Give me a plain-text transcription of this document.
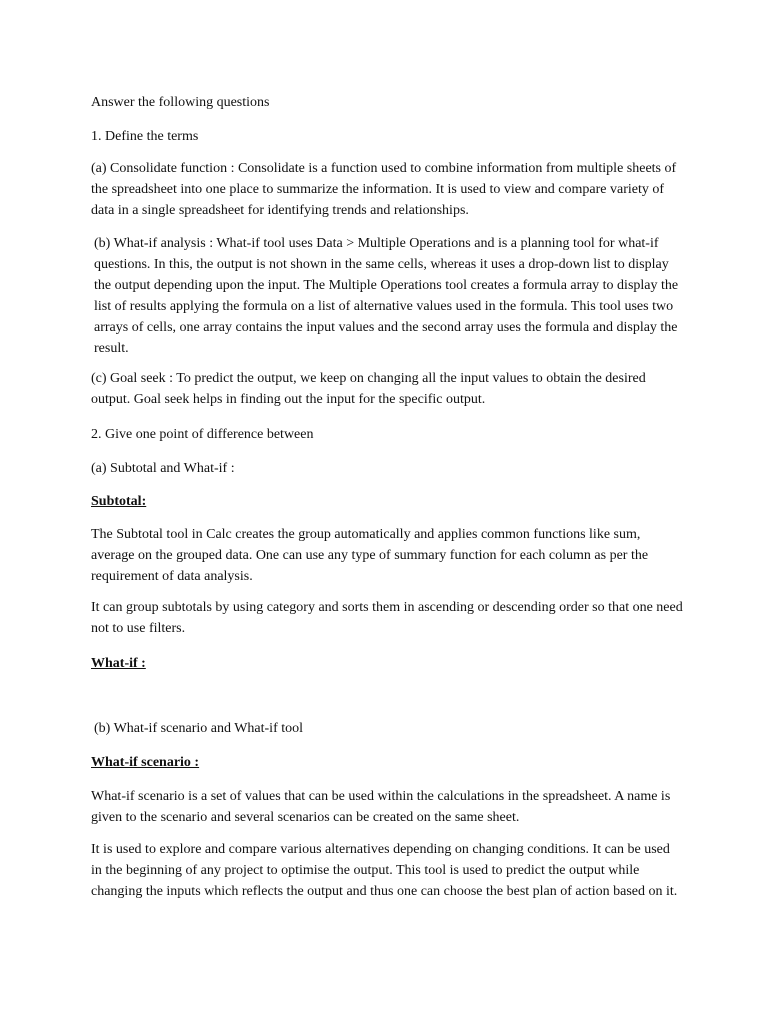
Answer the following questions

1. Define the terms

(a) Consolidate function : Consolidate is a function used to combine information from multiple sheets of the spreadsheet into one place to summarize the information. It is used to view and compare variety of data in a single spreadsheet for identifying trends and relationships.

(b) What-if analysis : What-if tool uses Data > Multiple Operations and is a planning tool for what-if questions. In this, the output is not shown in the same cells, whereas it uses a drop-down list to display the output depending upon the input. The Multiple Operations tool creates a formula array to display the list of results applying the formula on a list of alternative values used in the formula. This tool uses two arrays of cells, one array contains the input values and the second array uses the formula and display the result.

(c) Goal seek : To predict the output, we keep on changing all the input values to obtain the desired output. Goal seek helps in finding out the input for the specific output.

2. Give one point of difference between

(a) Subtotal and What-if :

Subtotal:

The Subtotal tool in Calc creates the group automatically and applies common functions like sum, average on the grouped data. One can use any type of summary function for each column as per the requirement of data analysis.

It can group subtotals by using category and sorts them in ascending or descending order so that one need not to use filters.

What-if :

(b) What-if scenario and What-if tool

What-if scenario :

What-if scenario is a set of values that can be used within the calculations in the spreadsheet. A name is given to the scenario and several scenarios can be created on the same sheet.

It is used to explore and compare various alternatives depending on changing conditions. It can be used in the beginning of any project to optimise the output. This tool is used to predict the output while changing the inputs which reflects the output and thus one can choose the best plan of action based on it.
